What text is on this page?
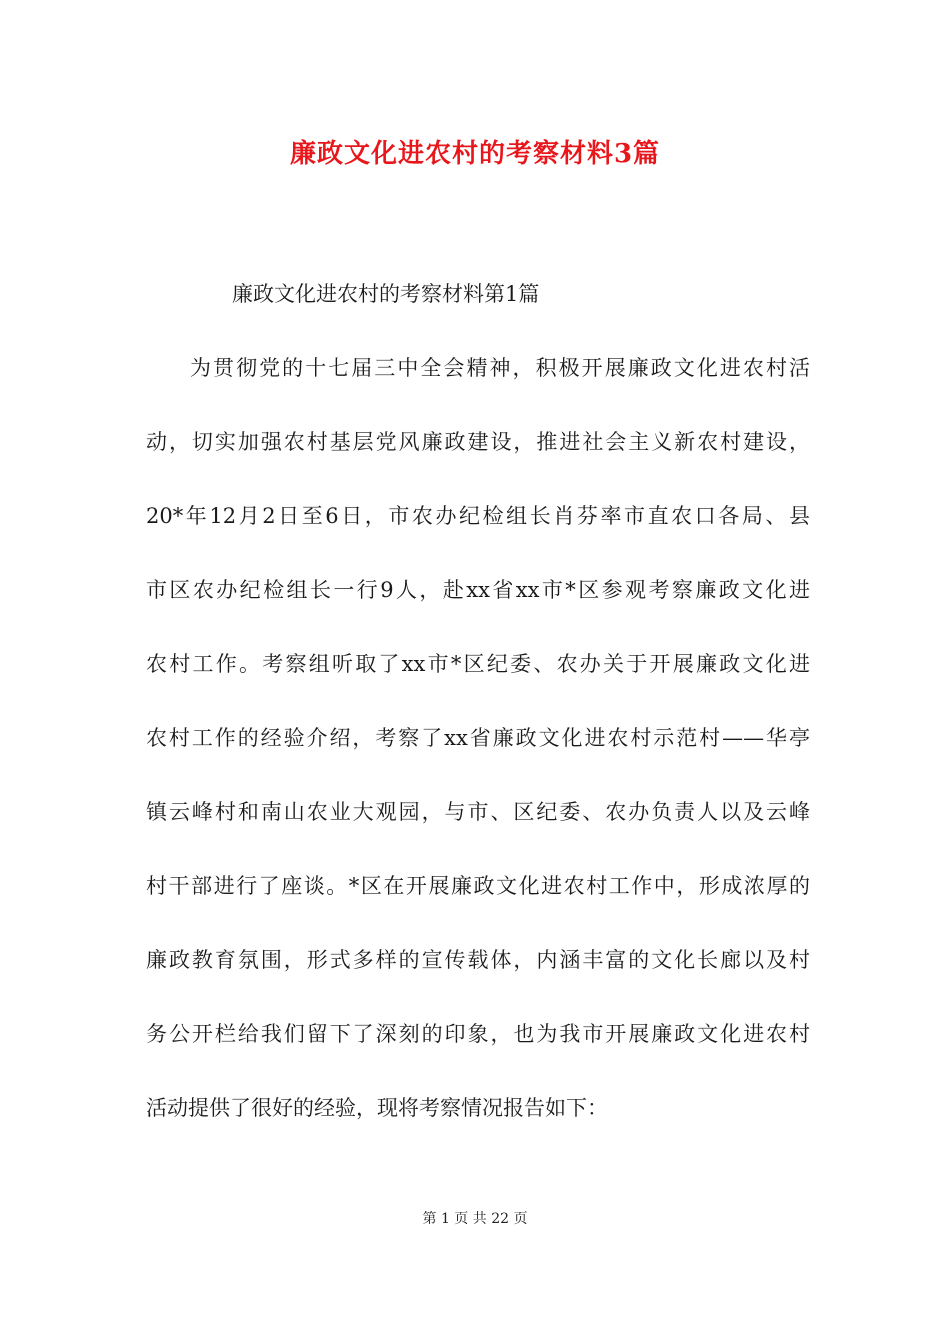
廉政文化进农村的考察材料3篇
廉政文化进农村的考察材料第1篇
为贯彻党的十七届三中全会精神，积极开展廉政文化进农村活
动，切实加强农村基层党风廉政建设，推进社会主义新农村建设，
20*年12月2日至6日，市农办纪检组长肖芬率市直农口各局、县
市区农办纪检组长一行9人，赴xx省xx市*区参观考察廉政文化进
农村工作。考察组听取了xx市*区纪委、农办关于开展廉政文化进
农村工作的经验介绍，考察了xx省廉政文化进农村示范村——华亭
镇云峰村和南山农业大观园，与市、区纪委、农办负责人以及云峰
村干部进行了座谈。*区在开展廉政文化进农村工作中，形成浓厚的
廉政教育氛围，形式多样的宣传载体，内涵丰富的文化长廊以及村
务公开栏给我们留下了深刻的印象，也为我市开展廉政文化进农村
活动提供了很好的经验，现将考察情况报告如下：
第 1 页 共 22 页
